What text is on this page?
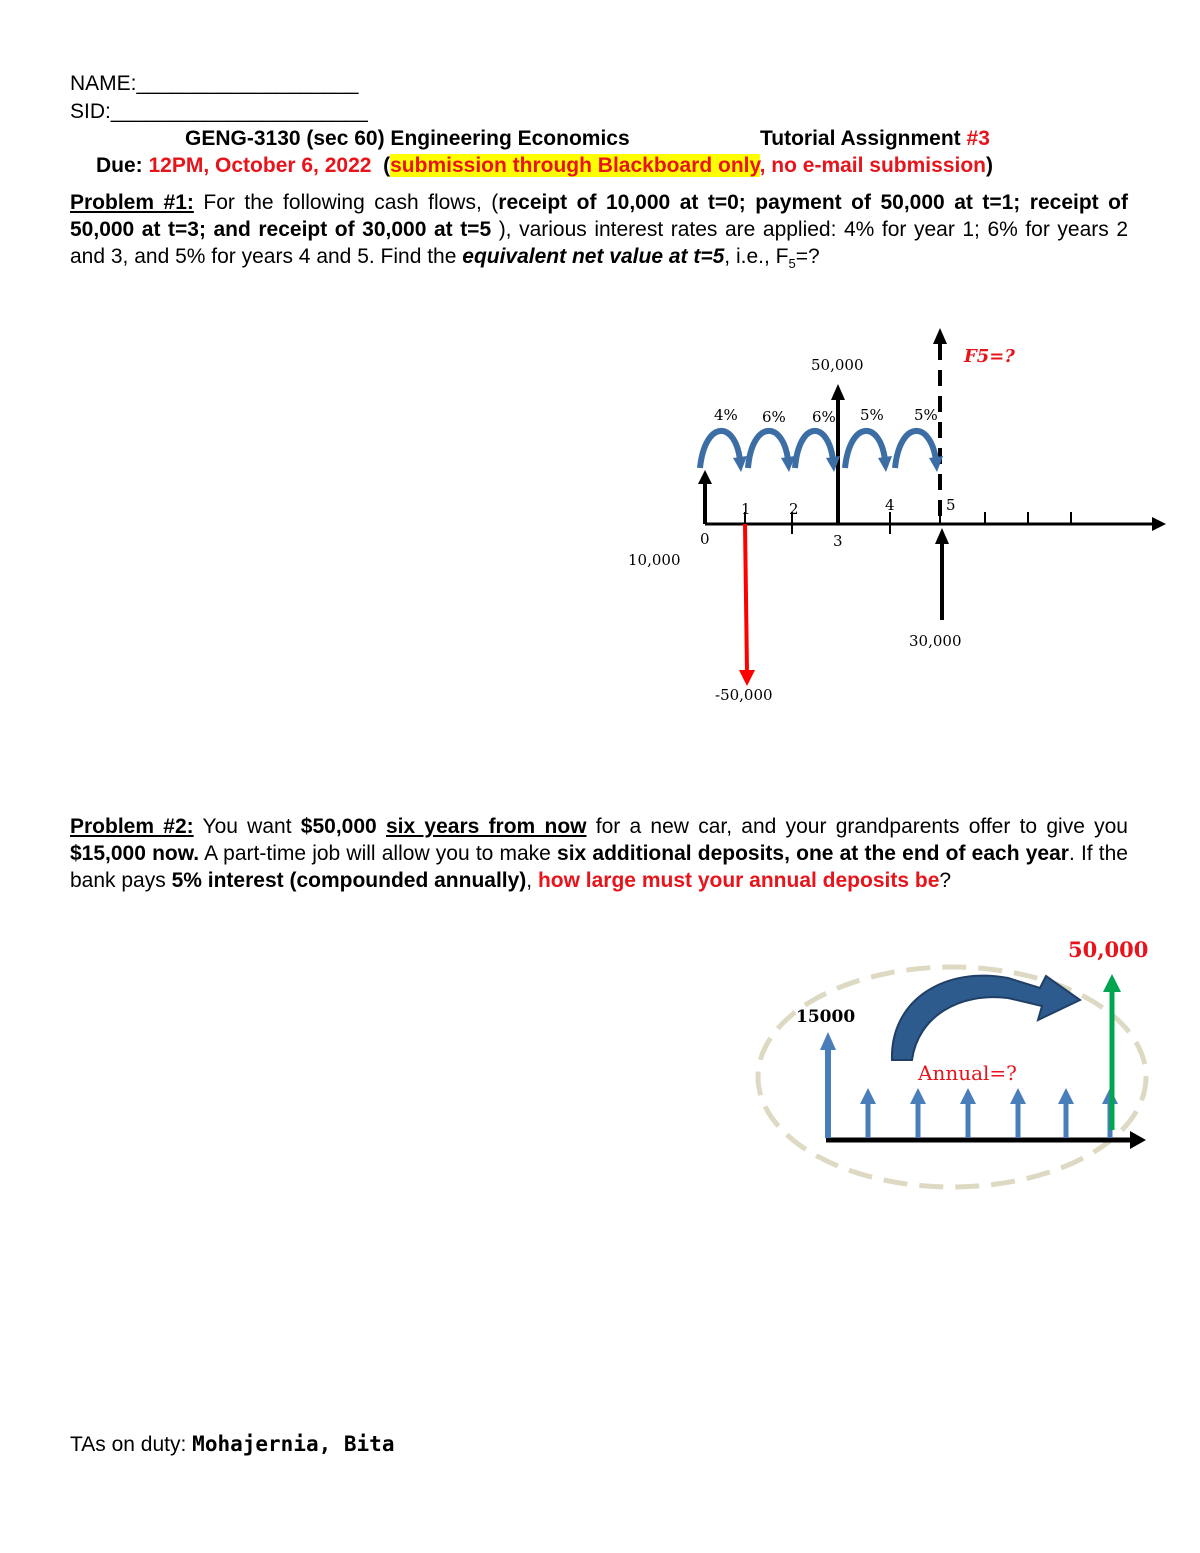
NAME:___________________
SID:______________________
GENG-3130 (sec 60) Engineering Economics	Tutorial Assignment #3
Due: 12PM, October 6, 2022 (submission through Blackboard only, no e-mail submission)
Problem #1: For the following cash flows, (receipt of 10,000 at t=0; payment of 50,000 at t=1; receipt of 50,000 at t=3; and receipt of 30,000 at t=5 ), various interest rates are applied: 4% for year 1; 6% for years 2 and 3, and 5% for years 4 and 5. Find the equivalent net value at t=5, i.e., $F_5=$?
4% 6% 6% 5% 5%
1	2	4	5
0	3
10,000
-50,000
50,000
30,000
F5=?
Problem #2: You want $50,000 six years from now for a new car, and your grandparents offer to give you $15,000 now. A part-time job will allow you to make six additional deposits, one at the end of each year. If the bank pays 5% interest (compounded annually), how large must your annual deposits be?
15000
Annual=?
50,000
TAs on duty: Mohajernia, Bita
